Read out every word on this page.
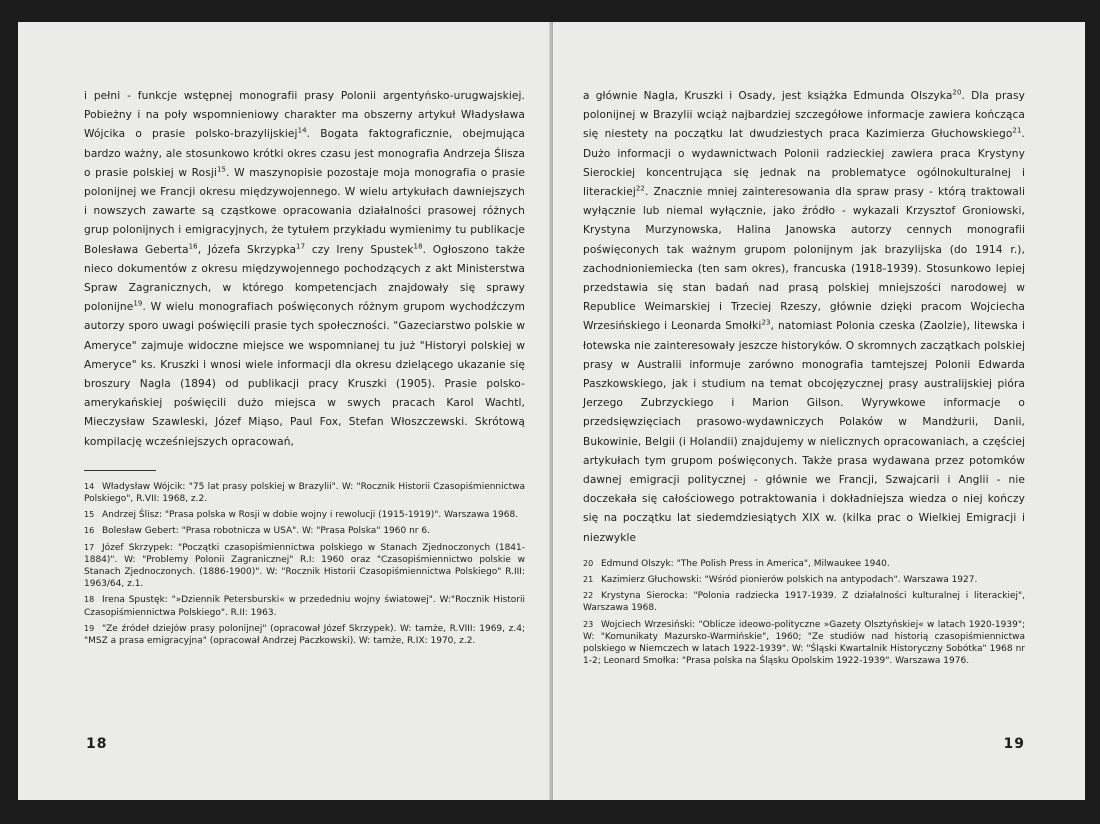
i pełni - funkcje wstępnej monografii prasy Polonii argentyńsko-urugwajskiej. Pobieżny i na poły wspomnieniowy charakter ma obszerny artykuł Władysława Wójcika o prasie polsko-brazylijskiej$^{14}$. Bogata faktograficznie, obejmująca bardzo ważny, ale stosunkowo krótki okres czasu jest monografia Andrzeja Ślisza o prasie polskiej w Rosji$^{15}$. W maszynopisie pozostaje moja monografia o prasie polonijnej we Francji okresu międzywojennego. W wielu artykułach dawniejszych i nowszych zawarte są cząstkowe opracowania działalności prasowej różnych grup polonijnych i emigracyjnych, że tytułem przykładu wymienimy tu publikacje Bolesława Geberta$^{16}$, Józefa Skrzypka$^{17}$ czy Ireny Spustek$^{18}$. Ogłoszono także nieco dokumentów z okresu międzywojennego pochodzących z akt Ministerstwa Spraw Zagranicznych, w którego kompetencjach znajdowały się sprawy polonijne$^{19}$. W wielu monografiach poświęconych różnym grupom wychodźczym autorzy sporo uwagi poświęcili prasie tych społeczności. "Gazeciarstwo polskie w Ameryce" zajmuje widoczne miejsce we wspomnianej tu już "Historyi polskiej w Ameryce" ks. Kruszki i wnosi wiele informacji dla okresu dzielącego ukazanie się broszury Nagla (1894) od publikacji pracy Kruszki (1905). Prasie polsko-amerykańskiej poświęcili dużo miejsca w swych pracach Karol Wachtl, Mieczysław Szawleski, Józef Miąso, Paul Fox, Stefan Włoszczewski. Skrótową kompilację wcześniejszych opracowań,
14 Władysław Wójcik: "75 lat prasy polskiej w Brazylii". W: "Rocznik Historii Czasopiśmiennictwa Polskiego", R.VII: 1968, z.2.
15 Andrzej Ślisz: "Prasa polska w Rosji w dobie wojny i rewolucji (1915-1919)". Warszawa 1968.
16 Bolesław Gebert: "Prasa robotnicza w USA". W: "Prasa Polska" 1960 nr 6.
17 Józef Skrzypek: "Początki czasopiśmiennictwa polskiego w Stanach Zjednoczonych (1841-1884)". W: "Problemy Polonii Zagranicznej" R.I: 1960 oraz "Czasopiśmiennictwo polskie w Stanach Zjednoczonych. (1886-1900)". W: "Rocznik Historii Czasopiśmiennictwa Polskiego" R.III: 1963/64, z.1.
18 Irena Spustęk: "»Dziennik Petersburski« w przededniu wojny światowej". W:"Rocznik Historii Czasopiśmiennictwa Polskiego". R.II: 1963.
19 "Ze źródeł dziejów prasy polonijnej" (opracował Józef Skrzypek). W: tamże, R.VIII: 1969, z.4; "MSZ a prasa emigracyjna" (opracował Andrzej Paczkowski). W: tamże, R.IX: 1970, z.2.
18
a głównie Nagla, Kruszki i Osady, jest książka Edmunda Olszyka$^{20}$. Dla prasy polonijnej w Brazylii wciąż najbardziej szczegółowe informacje zawiera kończąca się niestety na początku lat dwudziestych praca Kazimierza Głuchowskiego$^{21}$. Dużo informacji o wydawnictwach Polonii radzieckiej zawiera praca Krystyny Sierockiej koncentrująca się jednak na problematyce ogólnokulturalnej i literackiej$^{22}$. Znacznie mniej zainteresowania dla spraw prasy - którą traktowali wyłącznie lub niemal wyłącznie, jako źródło - wykazali Krzysztof Groniowski, Krystyna Murzynowska, Halina Janowska autorzy cennych monografii poświęconych tak ważnym grupom polonijnym jak brazylijska (do 1914 r.), zachodnioniemiecka (ten sam okres), francuska (1918-1939). Stosunkowo lepiej przedstawia się stan badań nad prasą polskiej mniejszości narodowej w Republice Weimarskiej i Trzeciej Rzeszy, głównie dzięki pracom Wojciecha Wrzesińskiego i Leonarda Smołki$^{23}$, natomiast Polonia czeska (Zaolzie), litewska i łotewska nie zainteresowały jeszcze historyków. O skromnych zaczątkach polskiej prasy w Australii informuje zarówno monografia tamtejszej Polonii Edwarda Paszkowskiego, jak i studium na temat obcojęzycznej prasy australijskiej pióra Jerzego Zubrzyckiego i Marion Gilson. Wyrywkowe informacje o przedsięwzięciach prasowo-wydawniczych Polaków w Mandżurii, Danii, Bukowinie, Belgii (i Holandii) znajdujemy w nielicznych opracowaniach, a częściej artykułach tym grupom poświęconych. Także prasa wydawana przez potomków dawnej emigracji politycznej - głównie we Francji, Szwajcarii i Anglii - nie doczekała się całościowego potraktowania i dokładniejsza wiedza o niej kończy się na początku lat siedemdziesiątych XIX w. (kilka prac o Wielkiej Emigracji i niezwykle
20 Edmund Olszyk: "The Polish Press in America", Milwaukee 1940.
21 Kazimierz Głuchowski: "Wśród pionierów polskich na antypodach". Warszawa 1927.
22 Krystyna Sierocka: "Polonia radziecka 1917-1939. Z działalności kulturalnej i literackiej", Warszawa 1968.
23 Wojciech Wrzesiński: "Oblicze ideowo-polityczne »Gazety Olsztyńskiej« w latach 1920-1939"; W: "Komunikaty Mazursko-Warmińskie", 1960; "Ze studiów nad historią czasopiśmiennictwa polskiego w Niemczech w latach 1922-1939". W: "Śląski Kwartalnik Historyczny Sobótka" 1968 nr 1-2; Leonard Smołka: "Prasa polska na Śląsku Opolskim 1922-1939". Warszawa 1976.
19
